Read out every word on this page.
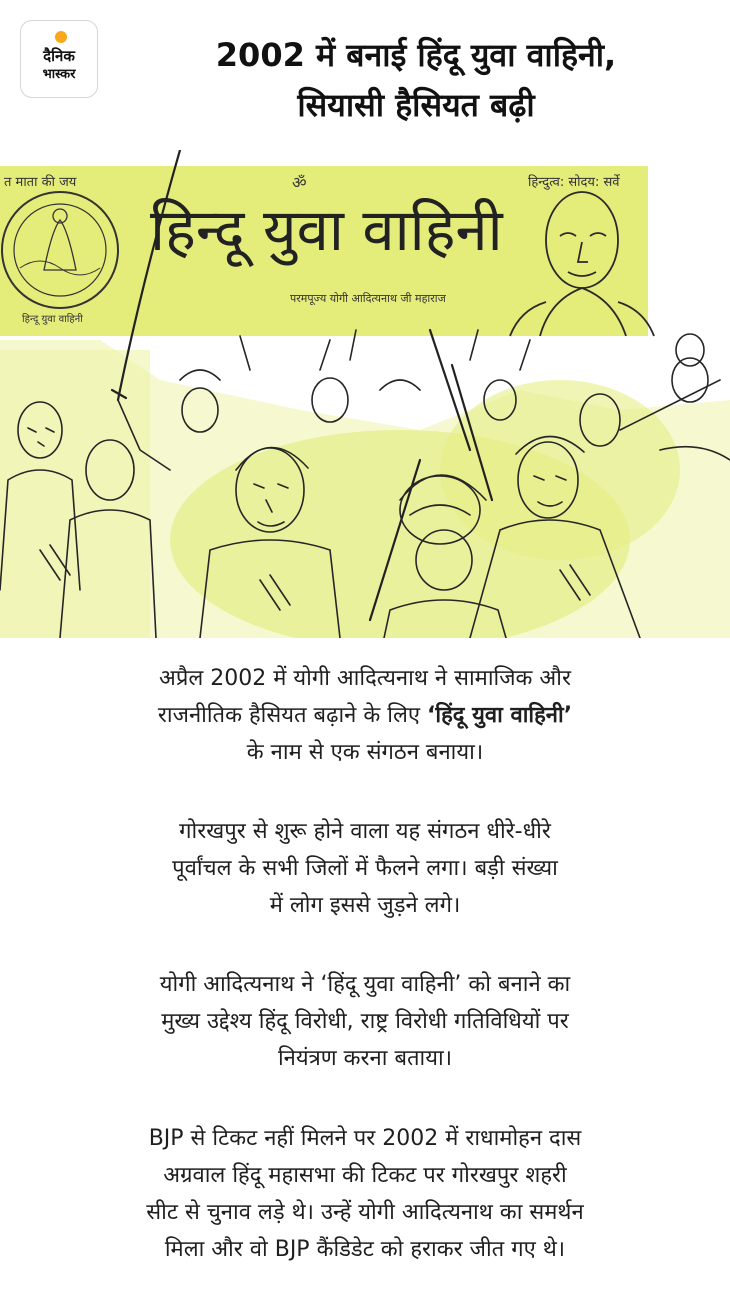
दैनिक
भास्कर
2002 में बनाई हिंदू युवा वाहिनी,
सियासी हैसियत बढ़ी
त माता की जय	ॐ	हिन्दुत्व: सोदय: सर्वे
हिन्दू युवा वाहिनी
परमपूज्य योगी आदित्यनाथ जी महाराज
हिन्दू युवा वाहिनी
अप्रैल 2002 में योगी आदित्यनाथ ने सामाजिक और
राजनीतिक हैसियत बढ़ाने के लिए ‘हिंदू युवा वाहिनी’
के नाम से एक संगठन बनाया।
गोरखपुर से शुरू होने वाला यह संगठन धीरे-धीरे
पूर्वांचल के सभी जिलों में फैलने लगा। बड़ी संख्या
में लोग इससे जुड़ने लगे।
योगी आदित्यनाथ ने ‘हिंदू युवा वाहिनी’ को बनाने का
मुख्य उद्देश्य हिंदू विरोधी, राष्ट्र विरोधी गतिविधियों पर
नियंत्रण करना बताया।
BJP से टिकट नहीं मिलने पर 2002 में राधामोहन दास
अग्रवाल हिंदू महासभा की टिकट पर गोरखपुर शहरी
सीट से चुनाव लड़े थे। उन्हें योगी आदित्यनाथ का समर्थन
मिला और वो BJP कैंडिडेट को हराकर जीत गए थे।
